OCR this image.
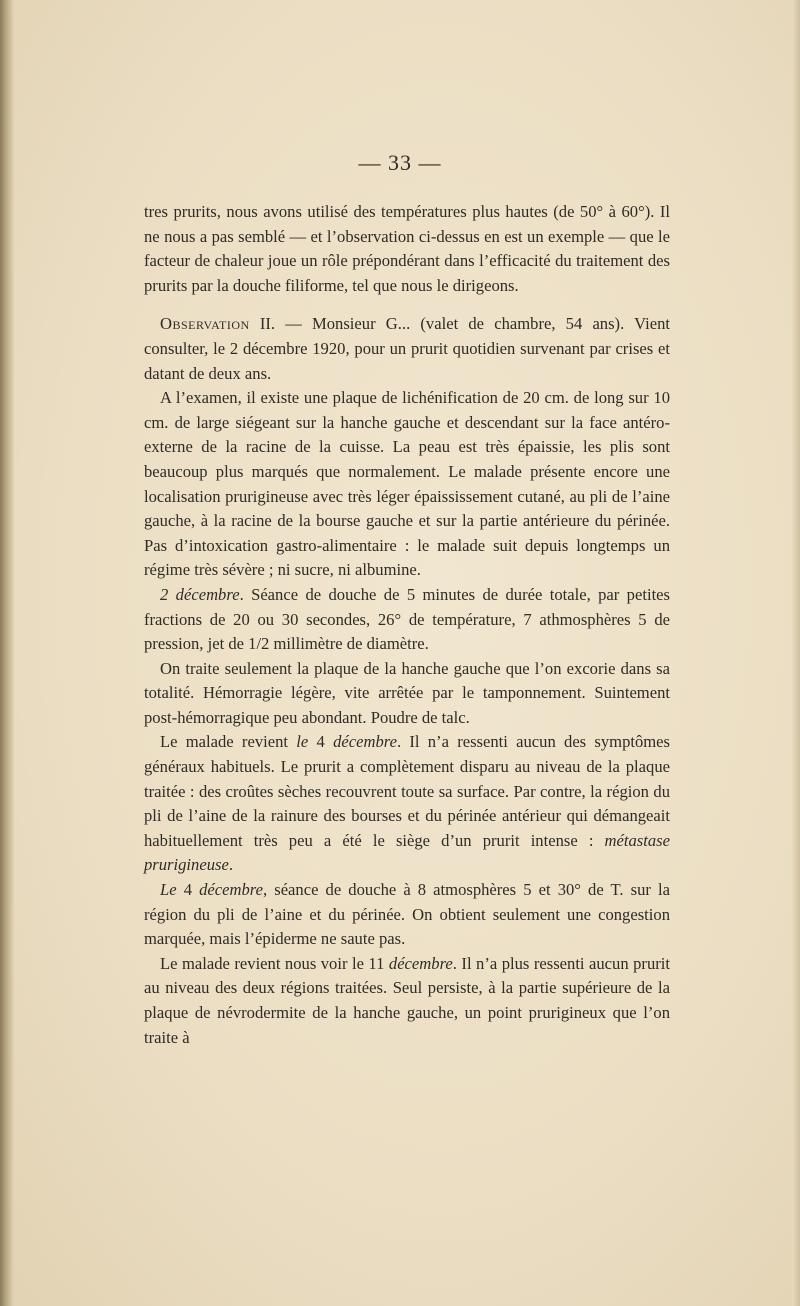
— 33 —

tres prurits, nous avons utilisé des températures plus hautes (de 50° à 60°). Il ne nous a pas semblé — et l’observation ci-dessus en est un exemple — que le facteur de chaleur joue un rôle prépondérant dans l’efficacité du traitement des prurits par la douche filiforme, tel que nous le dirigeons.

Observation II. — Monsieur G... (valet de chambre, 54 ans). Vient consulter, le 2 décembre 1920, pour un prurit quotidien survenant par crises et datant de deux ans.

A l’examen, il existe une plaque de lichénification de 20 cm. de long sur 10 cm. de large siégeant sur la hanche gauche et descendant sur la face antéro-externe de la racine de la cuisse. La peau est très épaissie, les plis sont beaucoup plus marqués que normalement. Le malade présente encore une localisation prurigineuse avec très léger épaississement cutané, au pli de l’aine gauche, à la racine de la bourse gauche et sur la partie antérieure du périnée. Pas d’intoxication gastro-alimentaire : le malade suit depuis longtemps un régime très sévère ; ni sucre, ni albumine.

2 décembre. Séance de douche de 5 minutes de durée totale, par petites fractions de 20 ou 30 secondes, 26° de température, 7 athmosphères 5 de pression, jet de 1/2 millimètre de diamètre.

On traite seulement la plaque de la hanche gauche que l’on excorie dans sa totalité. Hémorragie légère, vite arrêtée par le tamponnement. Suintement post-hémorragique peu abondant. Poudre de talc.

Le malade revient le 4 décembre. Il n’a ressenti aucun des symptômes généraux habituels. Le prurit a complètement disparu au niveau de la plaque traitée : des croûtes sèches recouvrent toute sa surface. Par contre, la région du pli de l’aine de la rainure des bourses et du périnée antérieur qui démangeait habituellement très peu a été le siège d’un prurit intense : métastase prurigineuse.

Le 4 décembre, séance de douche à 8 atmosphères 5 et 30° de T. sur la région du pli de l’aine et du périnée. On obtient seulement une congestion marquée, mais l’épiderme ne saute pas.

Le malade revient nous voir le 11 décembre. Il n’a plus ressenti aucun prurit au niveau des deux régions traitées. Seul persiste, à la partie supérieure de la plaque de névrodermite de la hanche gauche, un point prurigineux que l’on traite à
